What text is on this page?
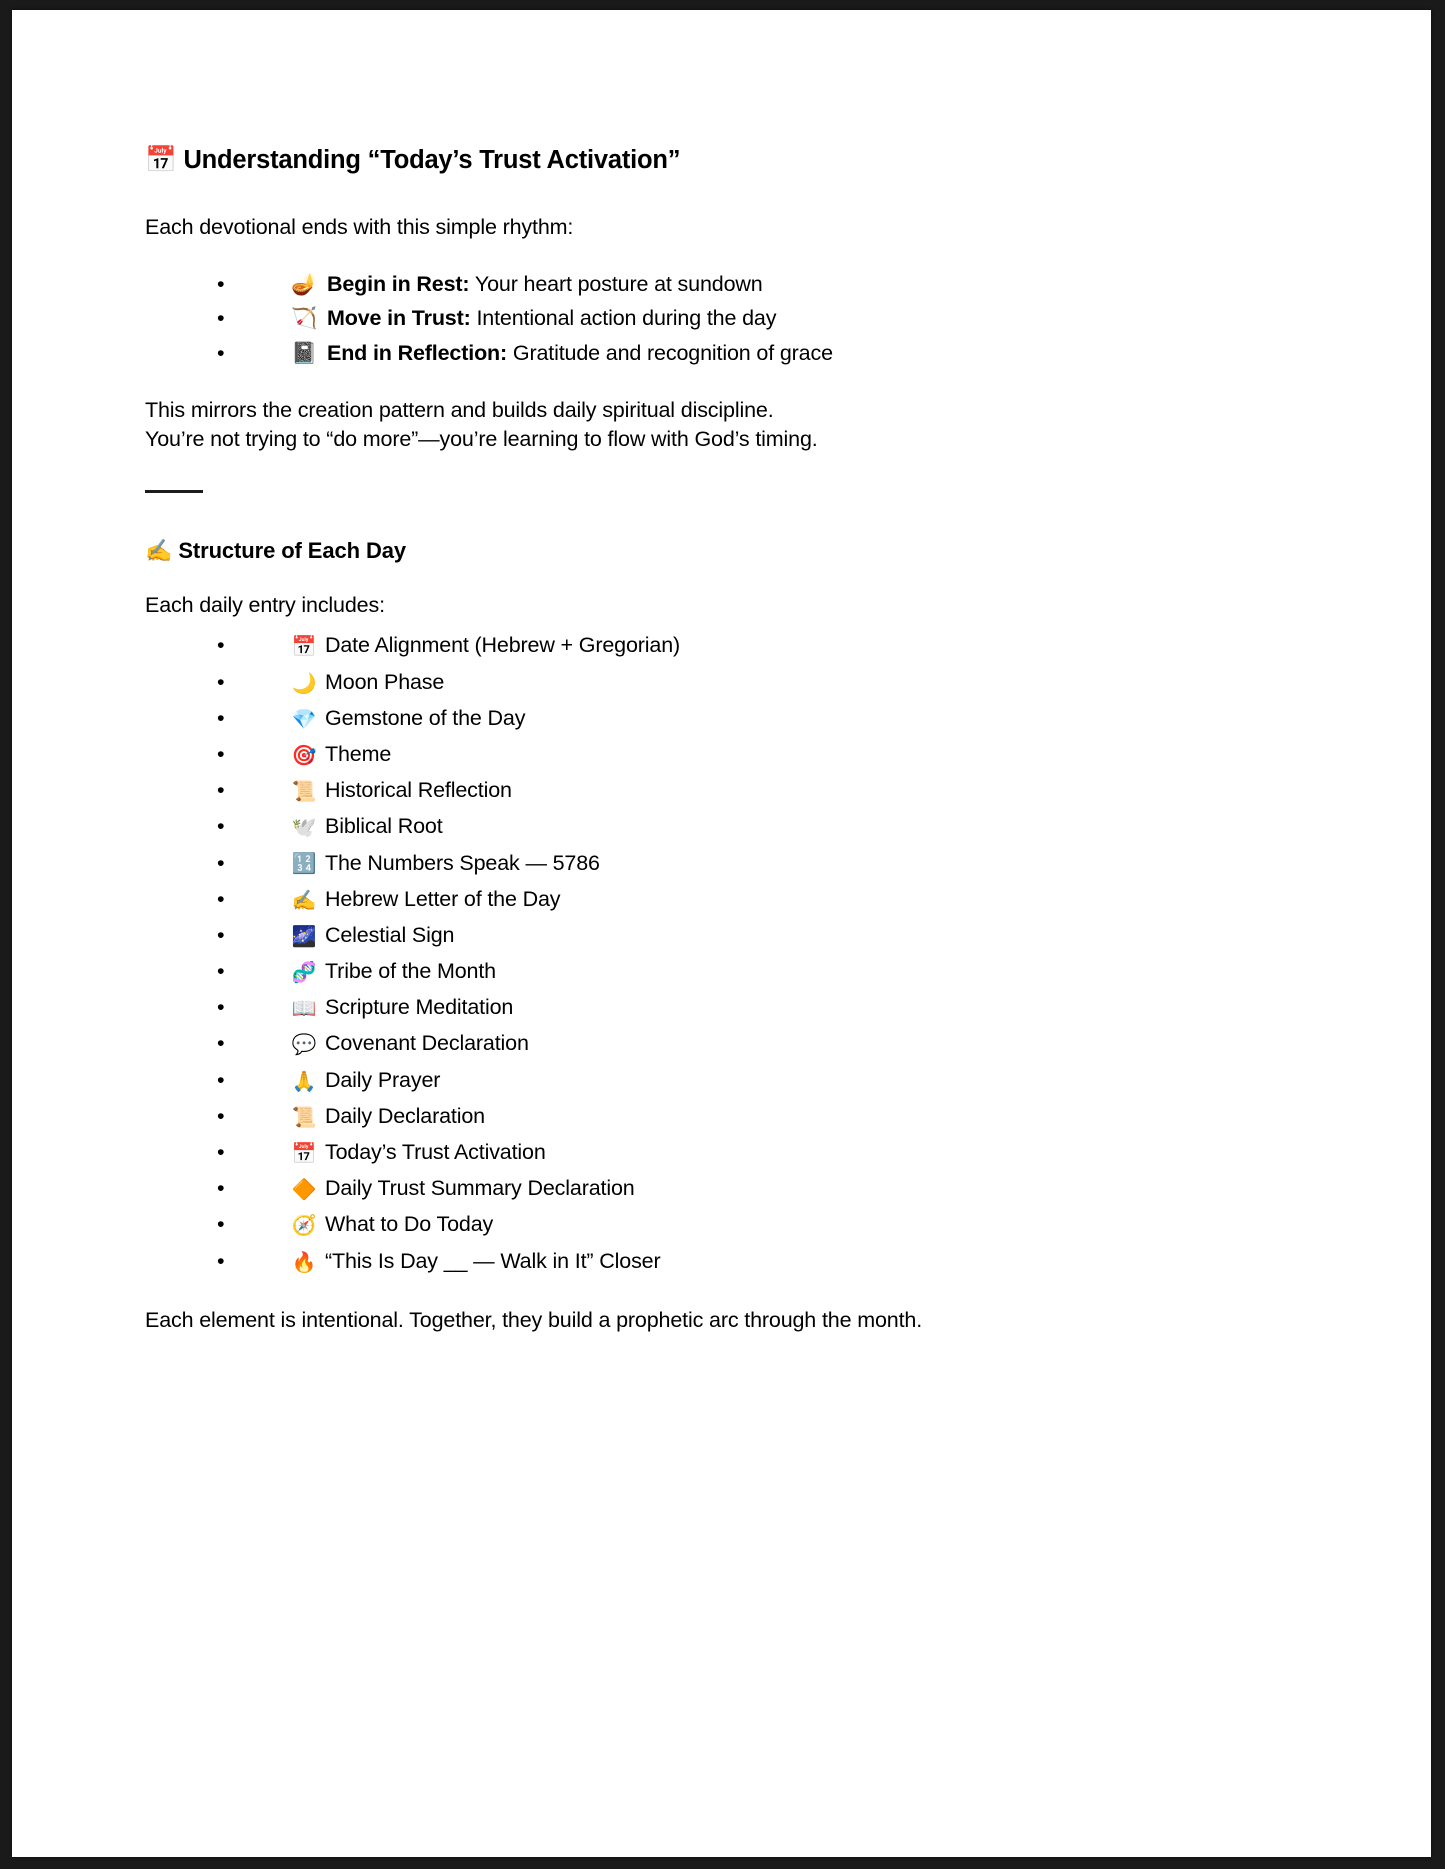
📅 Understanding “Today’s Trust Activation”

Each devotional ends with this simple rhythm:

•	🪔 Begin in Rest: Your heart posture at sundown
•	🏹 Move in Trust: Intentional action during the day
•	📓 End in Reflection: Gratitude and recognition of grace

This mirrors the creation pattern and builds daily spiritual discipline.

You’re not trying to “do more”—you’re learning to flow with God’s timing.

✍️ Structure of Each Day

Each daily entry includes:

•	📅 Date Alignment (Hebrew + Gregorian)
•	🌙 Moon Phase
•	💎 Gemstone of the Day
•	🎯 Theme
•	📜 Historical Reflection
•	🕊️ Biblical Root
•	🔢 The Numbers Speak — 5786
•	✍️ Hebrew Letter of the Day
•	🌌 Celestial Sign
•	🧬 Tribe of the Month
•	📖 Scripture Meditation
•	💬 Covenant Declaration
•	🙏 Daily Prayer
•	📜 Daily Declaration
•	📅 Today’s Trust Activation
•	🔶 Daily Trust Summary Declaration
•	🧭 What to Do Today
•	🔥 “This Is Day __ — Walk in It” Closer

Each element is intentional. Together, they build a prophetic arc through the month.
